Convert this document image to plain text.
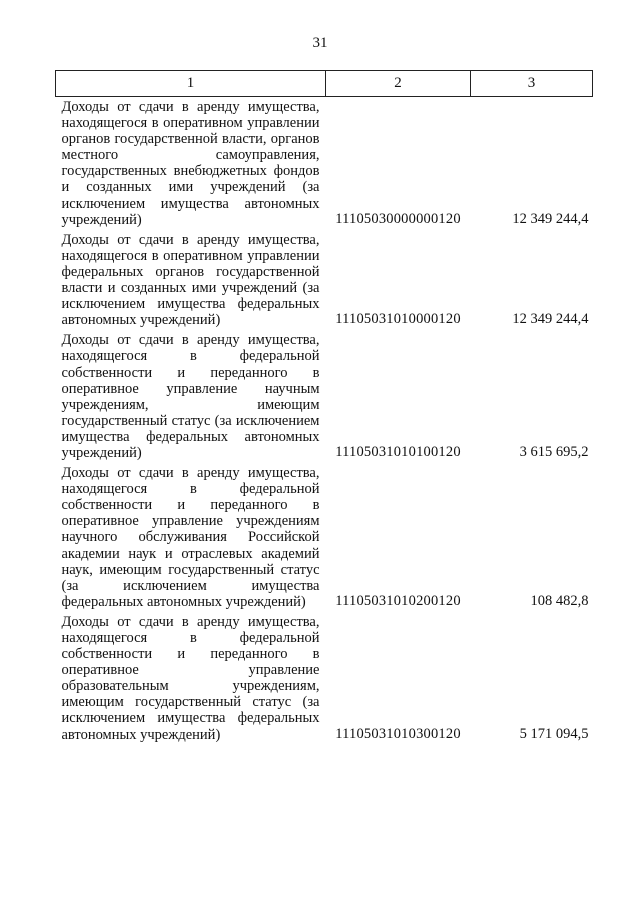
31
1	2	3

Доходы от сдачи в аренду имущества, находящегося в оперативном управлении органов государственной власти, органов местного самоуправления, государственных внебюджетных фондов и созданных ими учреждений (за исключением имущества автономных учреждений)	11105030000000120	12 349 244,4

Доходы от сдачи в аренду имущества, находящегося в оперативном управлении федеральных органов государственной власти и созданных ими учреждений (за исключением имущества федеральных автономных учреждений)	11105031010000120	12 349 244,4

Доходы от сдачи в аренду имущества, находящегося в федеральной собственности и переданного в оперативное управление научным учреждениям, имеющим государственный статус (за исключением имущества федеральных автономных учреждений)	11105031010100120	3 615 695,2

Доходы от сдачи в аренду имущества, находящегося в федеральной собственности и переданного в оперативное управление учреждениям научного обслуживания Российской академии наук и отраслевых академий наук, имеющим государственный статус (за исключением имущества федеральных автономных учреждений)	11105031010200120	108 482,8

Доходы от сдачи в аренду имущества, находящегося в федеральной собственности и переданного в оперативное управление образовательным учреждениям, имеющим государственный статус (за исключением имущества федеральных автономных учреждений)	11105031010300120	5 171 094,5
